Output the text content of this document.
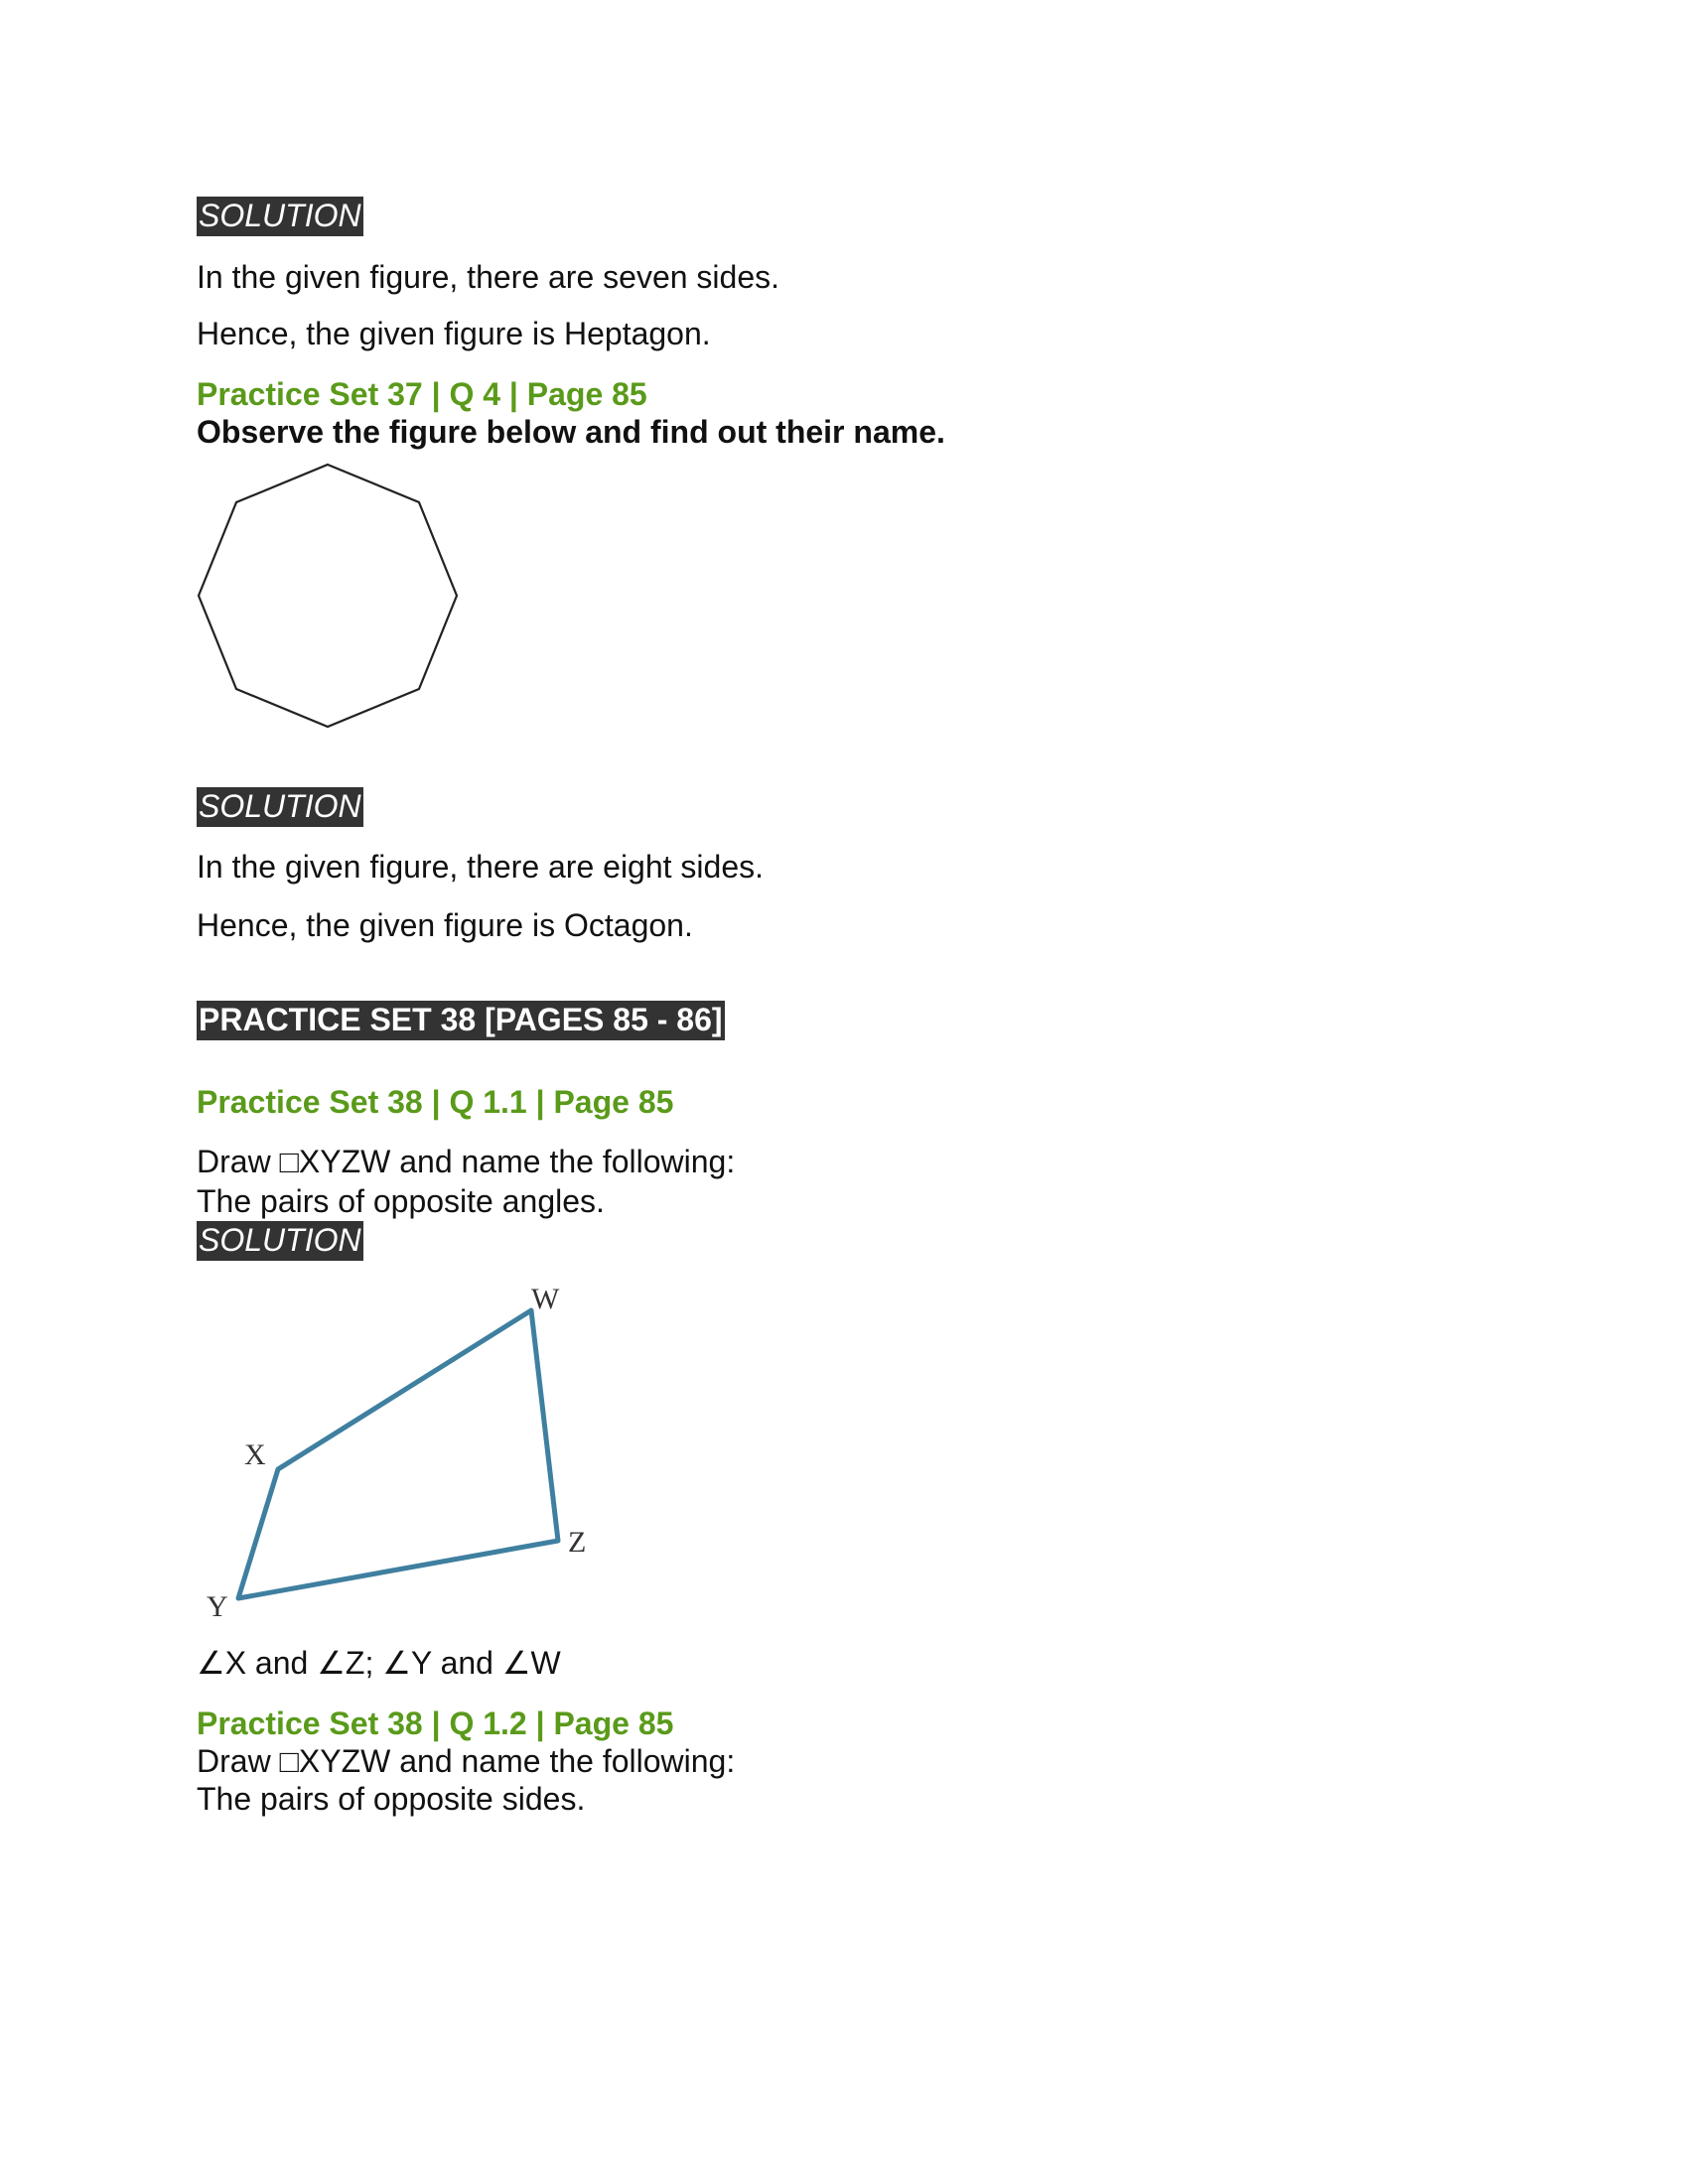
SOLUTION
In the given figure, there are seven sides.
Hence, the given figure is Heptagon.
Practice Set 37 | Q 4 | Page 85
Observe the figure below and find out their name.
SOLUTION
In the given figure, there are eight sides.
Hence, the given figure is Octagon.
PRACTICE SET 38 [PAGES 85 - 86]
Practice Set 38 | Q 1.1 | Page 85
Draw □XYZW and name the following:
The pairs of opposite angles.
SOLUTION
W
X
Y
Z
∠X and ∠Z; ∠Y and ∠W
Practice Set 38 | Q 1.2 | Page 85
Draw □XYZW and name the following:
The pairs of opposite sides.
